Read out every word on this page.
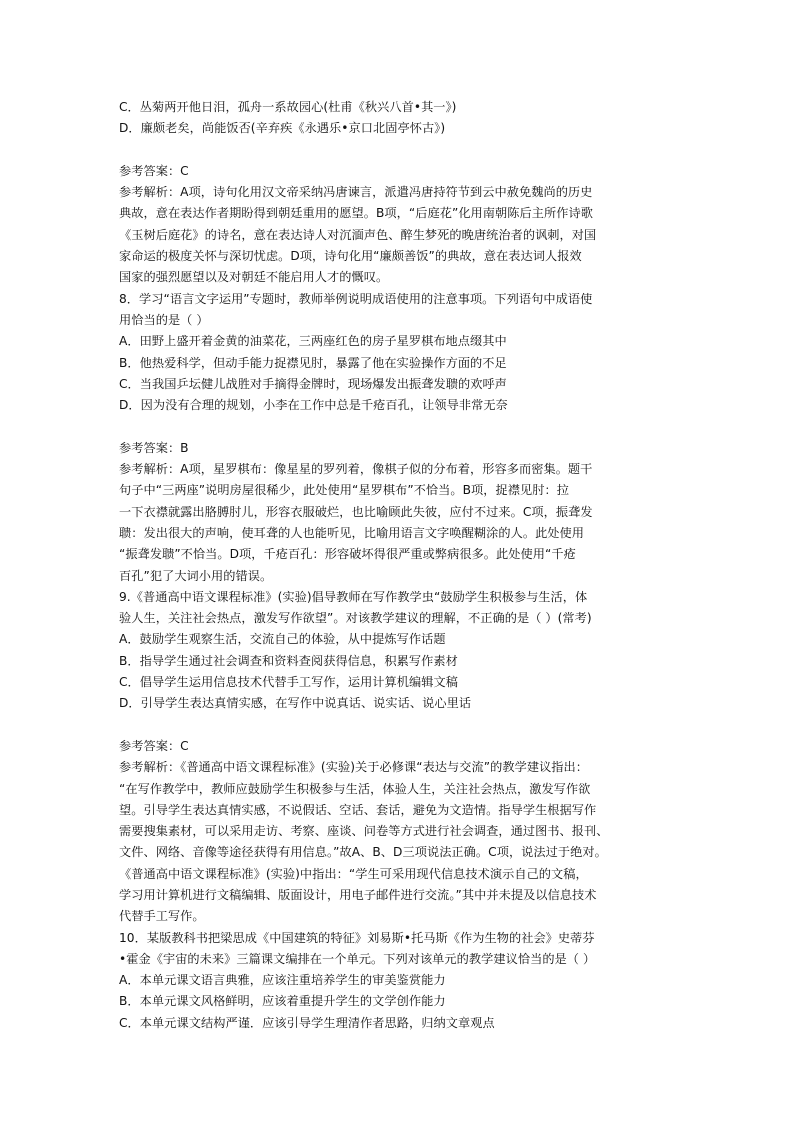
C．丛菊两开他日泪，孤舟一系故园心(杜甫《秋兴八首•其一》)
D．廉颇老矣，尚能饭否(辛弃疾《永遇乐•京口北固亭怀古》)
参考答案：C
参考解析：A项，诗句化用汉文帝采纳冯唐谏言，派遣冯唐持符节到云中赦免魏尚的历史
典故，意在表达作者期盼得到朝廷重用的愿望。B项，“后庭花”化用南朝陈后主所作诗歌
《玉树后庭花》的诗名，意在表达诗人对沉湎声色、醉生梦死的晚唐统治者的讽刺，对国
家命运的极度关怀与深切忧虑。D项，诗句化用“廉颇善饭”的典故，意在表达词人报效
国家的强烈愿望以及对朝廷不能启用人才的慨叹。
8．学习“语言文字运用”专题时，教师举例说明成语使用的注意事项。下列语句中成语使
用恰当的是（ ）
A．田野上盛开着金黄的油菜花，三两座红色的房子星罗棋布地点缀其中
B．他热爱科学，但动手能力捉襟见肘，暴露了他在实验操作方面的不足
C．当我国乒坛健儿战胜对手摘得金牌时，现场爆发出振聋发聩的欢呼声
D．因为没有合理的规划，小李在工作中总是千疮百孔，让领导非常无奈
参考答案：B
参考解析：A项，星罗棋布：像星星的罗列着，像棋子似的分布着，形容多而密集。题干
句子中“三两座”说明房屋很稀少，此处使用“星罗棋布”不恰当。B项，捉襟见肘：拉
一下衣襟就露出胳膊肘儿，形容衣服破烂，也比喻顾此失彼，应付不过来。C项，振聋发
聩：发出很大的声响，使耳聋的人也能听见，比喻用语言文字唤醒糊涂的人。此处使用
“振聋发聩”不恰当。D项，千疮百孔：形容破坏得很严重或弊病很多。此处使用“千疮
百孔”犯了大词小用的错误。
9.《普通高中语文课程标准》(实验)倡导教师在写作教学虫“鼓励学生积极参与生活，体
验人生，关注社会热点，激发写作欲望”。对该教学建议的理解，不正确的是（ ）(常考)
A．鼓励学生观察生活，交流自己的体验，从中提炼写作话题
B．指导学生通过社会调查和资料查阅获得信息，积累写作素材
C．倡导学生运用信息技术代替手工写作，运用计算机编辑文稿
D．引导学生表达真情实感，在写作中说真话、说实话、说心里话
参考答案：C
参考解析：《普通高中语文课程标准》(实验)关于必修课“表达与交流”的教学建议指出：
“在写作教学中，教师应鼓励学生积极参与生活，体验人生，关注社会热点，激发写作欲
望。引导学生表达真情实感，不说假话、空话、套话，避免为文造情。指导学生根据写作
需要搜集素材，可以采用走访、考察、座谈、问卷等方式进行社会调查，通过图书、报刊、
文件、网络、音像等途径获得有用信息。”故A、B、D三项说法正确。C项，说法过于绝对。
《普通高中语文课程标准》(实验)中指出：“学生可采用现代信息技术演示自己的文稿，
学习用计算机进行文稿编辑、版面设计，用电子邮件进行交流。”其中并未提及以信息技术
代替手工写作。
10．某版教科书把梁思成《中国建筑的特征》刘易斯•托马斯《作为生物的社会》史蒂芬
•霍金《宇宙的未来》三篇课文编排在一个单元。下列对该单元的教学建议恰当的是（ ）
A．本单元课文语言典雅，应该注重培养学生的审美鉴赏能力
B．本单元课文风格鲜明，应该着重提升学生的文学创作能力
C．本单元课文结构严谨．应该引导学生理清作者思路，归纳文章观点
